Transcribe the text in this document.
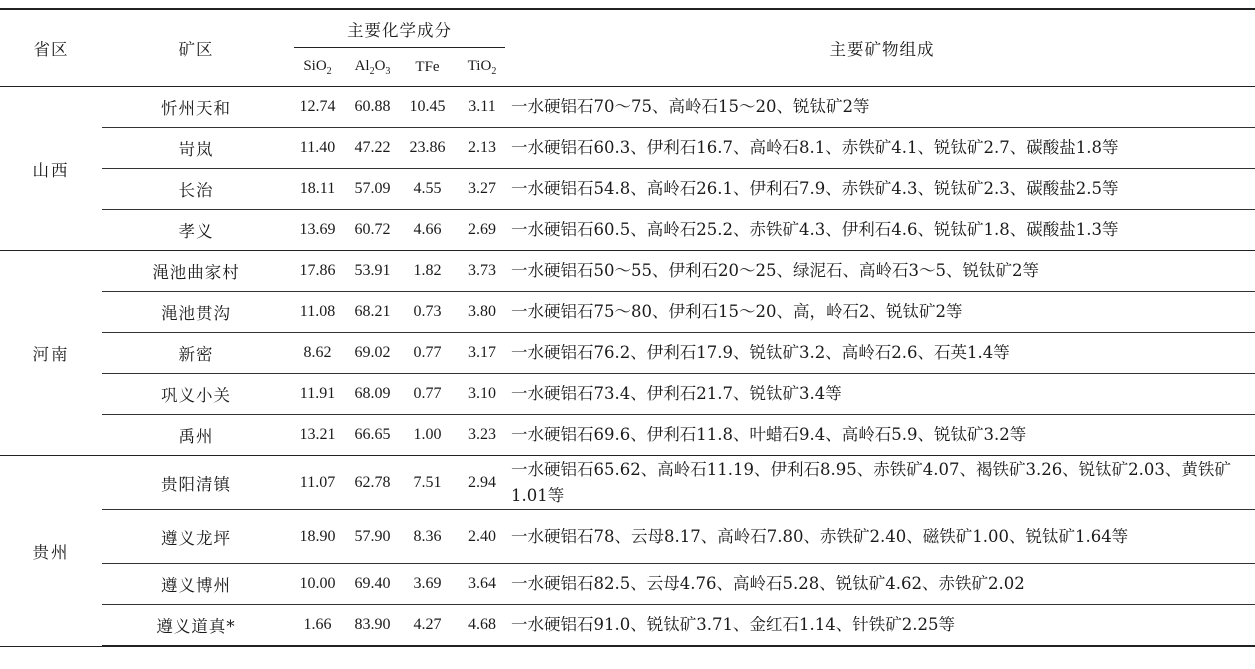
省区	矿区	主要化学成分				主要矿物组成
		SiO$_2$	$Al_2O_3$	TFe	TiO$_2$
山西	忻州天和	12.74	60.88	10.45	3.11	一水硬铝石70～75、高岭石15～20、锐钛矿2等
	岢岚	11.40	47.22	23.86	2.13	一水硬铝石60.3、伊利石16.7、高岭石8.1、赤铁矿4.1、锐钛矿2.7、碳酸盐1.8等
	长治	18.11	57.09	4.55	3.27	一水硬铝石54.8、高岭石26.1、伊利石7.9、赤铁矿4.3、锐钛矿2.3、碳酸盐2.5等
	孝义	13.69	60.72	4.66	2.69	一水硬铝石60.5、高岭石25.2、赤铁矿4.3、伊利石4.6、锐钛矿1.8、碳酸盐1.3等
河南	渑池曲家村	17.86	53.91	1.82	3.73	一水硬铝石50～55、伊利石20～25、绿泥石、高岭石3～5、锐钛矿2等
	渑池贯沟	11.08	68.21	0.73	3.80	一水硬铝石75～80、伊利石15～20、高，岭石2、锐钛矿2等
	新密	8.62	69.02	0.77	3.17	一水硬铝石76.2、伊利石17.9、锐钛矿3.2、高岭石2.6、石英1.4等
	巩义小关	11.91	68.09	0.77	3.10	一水硬铝石73.4、伊利石21.7、锐钛矿3.4等
	禹州	13.21	66.65	1.00	3.23	一水硬铝石69.6、伊利石11.8、叶蜡石9.4、高岭石5.9、锐钛矿3.2等
贵州	贵阳清镇	11.07	62.78	7.51	2.94	一水硬铝石65.62、高岭石11.19、伊利石8.95、赤铁矿4.07、褐铁矿3.26、锐钛矿2.03、黄铁矿1.01等
	遵义龙坪	18.90	57.90	8.36	2.40	一水硬铝石78、云母8.17、高岭石7.80、赤铁矿2.40、磁铁矿1.00、锐钛矿1.64等
	遵义博州	10.00	69.40	3.69	3.64	一水硬铝石82.5、云母4.76、高岭石5.28、锐钛矿4.62、赤铁矿2.02
	遵义道真*	1.66	83.90	4.27	4.68	一水硬铝石91.0、锐钛矿3.71、金红石1.14、针铁矿2.25等
